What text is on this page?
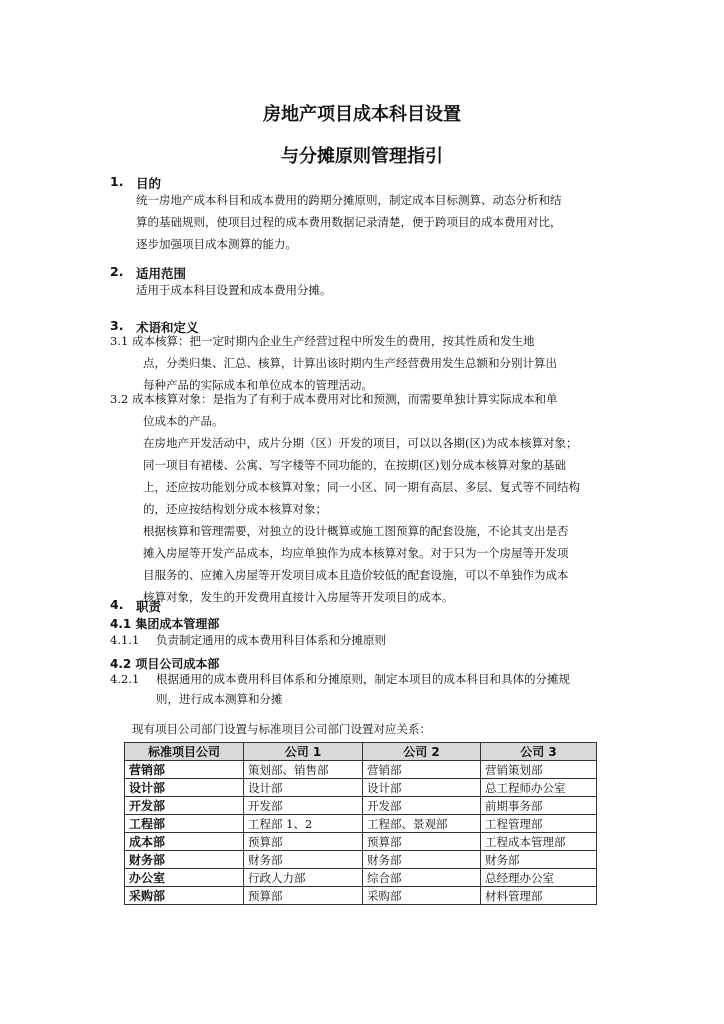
房地产项目成本科目设置
与分摊原则管理指引
1. 目的
统一房地产成本科目和成本费用的跨期分摊原则，制定成本目标测算、动态分析和结
算的基础规则，使项目过程的成本费用数据记录清楚，便于跨项目的成本费用对比，
逐步加强项目成本测算的能力。
2. 适用范围
适用于成本科目设置和成本费用分摊。
3. 术语和定义
3.1 成本核算：把一定时期内企业生产经营过程中所发生的费用，按其性质和发生地
点，分类归集、汇总、核算，计算出该时期内生产经营费用发生总额和分别计算出
每种产品的实际成本和单位成本的管理活动。
3.2 成本核算对象：是指为了有利于成本费用对比和预测，而需要单独计算实际成本和单
位成本的产品。
在房地产开发活动中，成片分期（区）开发的项目，可以以各期(区)为成本核算对象；
同一项目有裙楼、公寓、写字楼等不同功能的，在按期(区)划分成本核算对象的基础
上，还应按功能划分成本核算对象；同一小区、同一期有高层、多层、复式等不同结构
的，还应按结构划分成本核算对象；
根据核算和管理需要，对独立的设计概算或施工图预算的配套设施，不论其支出是否
摊入房屋等开发产品成本，均应单独作为成本核算对象。对于只为一个房屋等开发项
目服务的、应摊入房屋等开发项目成本且造价较低的配套设施，可以不单独作为成本
核算对象，发生的开发费用直接计入房屋等开发项目的成本。
4. 职责
4.1 集团成本管理部
4.1.1 负责制定通用的成本费用科目体系和分摊原则
4.2 项目公司成本部
4.2.1 根据通用的成本费用科目体系和分摊原则，制定本项目的成本科目和具体的分摊规
则，进行成本测算和分摊
现有项目公司部门设置与标准项目公司部门设置对应关系：
标准项目公司	公司 1	公司 2	公司 3
营销部	策划部、销售部	营销部	营销策划部
设计部	设计部	设计部	总工程师办公室
开发部	开发部	开发部	前期事务部
工程部	工程部 1、2	工程部、景观部	工程管理部
成本部	预算部	预算部	工程成本管理部
财务部	财务部	财务部	财务部
办公室	行政人力部	综合部	总经理办公室
采购部	预算部	采购部	材料管理部
